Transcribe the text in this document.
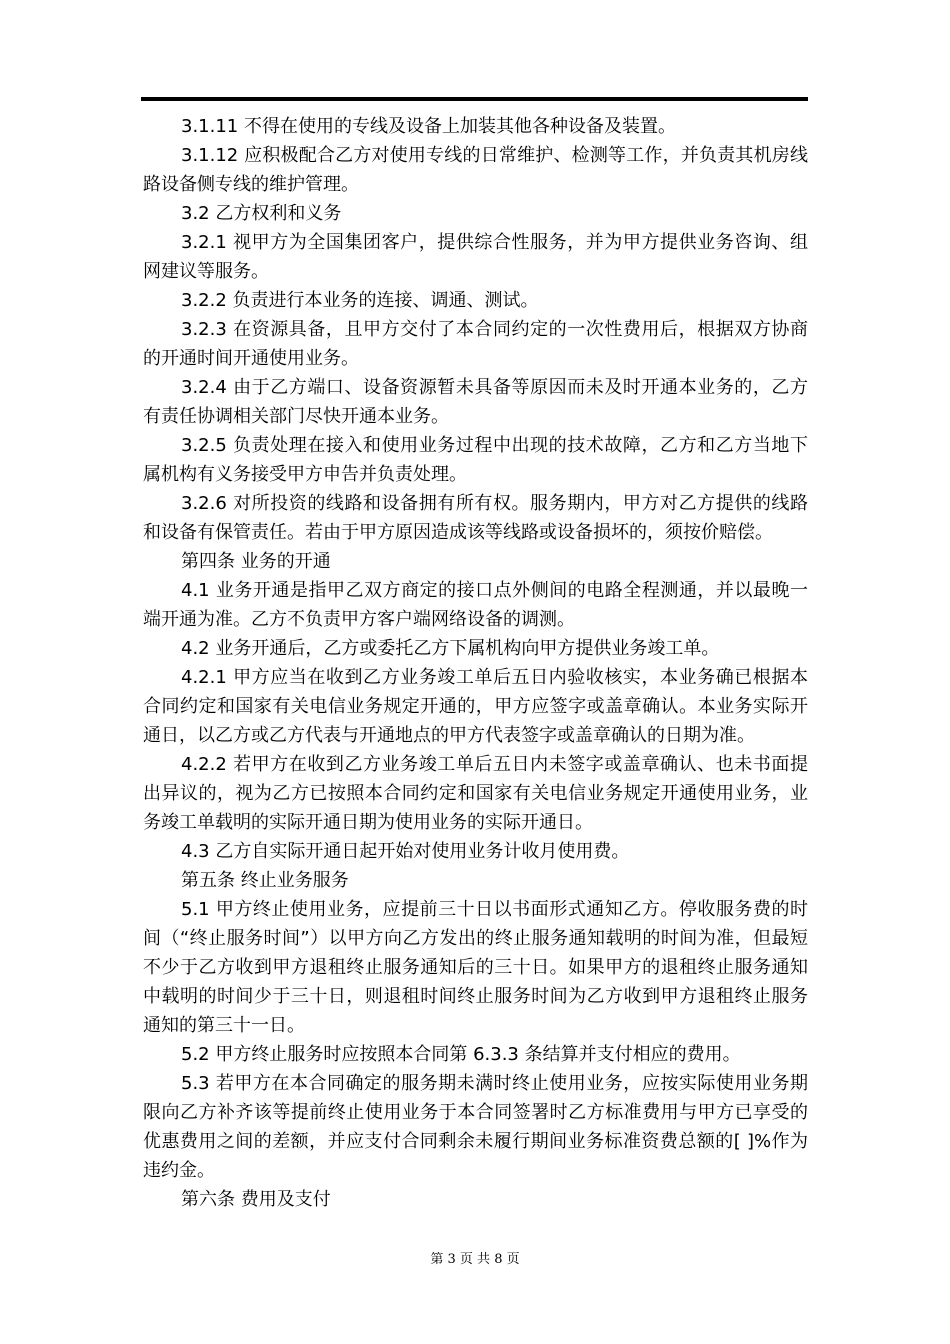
3.1.11 不得在使用的专线及设备上加装其他各种设备及装置。

3.1.12 应积极配合乙方对使用专线的日常维护、检测等工作，并负责其机房线路设备侧专线的维护管理。

3.2 乙方权利和义务

3.2.1 视甲方为全国集团客户，提供综合性服务，并为甲方提供业务咨询、组网建议等服务。

3.2.2 负责进行本业务的连接、调通、测试。

3.2.3 在资源具备，且甲方交付了本合同约定的一次性费用后，根据双方协商的开通时间开通使用业务。

3.2.4 由于乙方端口、设备资源暂未具备等原因而未及时开通本业务的，乙方有责任协调相关部门尽快开通本业务。

3.2.5 负责处理在接入和使用业务过程中出现的技术故障，乙方和乙方当地下属机构有义务接受甲方申告并负责处理。

3.2.6 对所投资的线路和设备拥有所有权。服务期内，甲方对乙方提供的线路和设备有保管责任。若由于甲方原因造成该等线路或设备损坏的，须按价赔偿。

第四条 业务的开通

4.1 业务开通是指甲乙双方商定的接口点外侧间的电路全程测通，并以最晚一端开通为准。乙方不负责甲方客户端网络设备的调测。

4.2 业务开通后，乙方或委托乙方下属机构向甲方提供业务竣工单。

4.2.1 甲方应当在收到乙方业务竣工单后五日内验收核实，本业务确已根据本合同约定和国家有关电信业务规定开通的，甲方应签字或盖章确认。本业务实际开通日，以乙方或乙方代表与开通地点的甲方代表签字或盖章确认的日期为准。

4.2.2 若甲方在收到乙方业务竣工单后五日内未签字或盖章确认、也未书面提出异议的，视为乙方已按照本合同约定和国家有关电信业务规定开通使用业务，业务竣工单载明的实际开通日期为使用业务的实际开通日。

4.3 乙方自实际开通日起开始对使用业务计收月使用费。

第五条 终止业务服务

5.1 甲方终止使用业务，应提前三十日以书面形式通知乙方。停收服务费的时间（“终止服务时间”）以甲方向乙方发出的终止服务通知载明的时间为准，但最短不少于乙方收到甲方退租终止服务通知后的三十日。如果甲方的退租终止服务通知中载明的时间少于三十日，则退租时间终止服务时间为乙方收到甲方退租终止服务通知的第三十一日。

5.2 甲方终止服务时应按照本合同第 6.3.3 条结算并支付相应的费用。

5.3 若甲方在本合同确定的服务期未满时终止使用业务，应按实际使用业务期限向乙方补齐该等提前终止使用业务于本合同签署时乙方标准费用与甲方已享受的优惠费用之间的差额，并应支付合同剩余未履行期间业务标准资费总额的[ ]%作为违约金。

第六条 费用及支付

第 3 页 共 8 页
